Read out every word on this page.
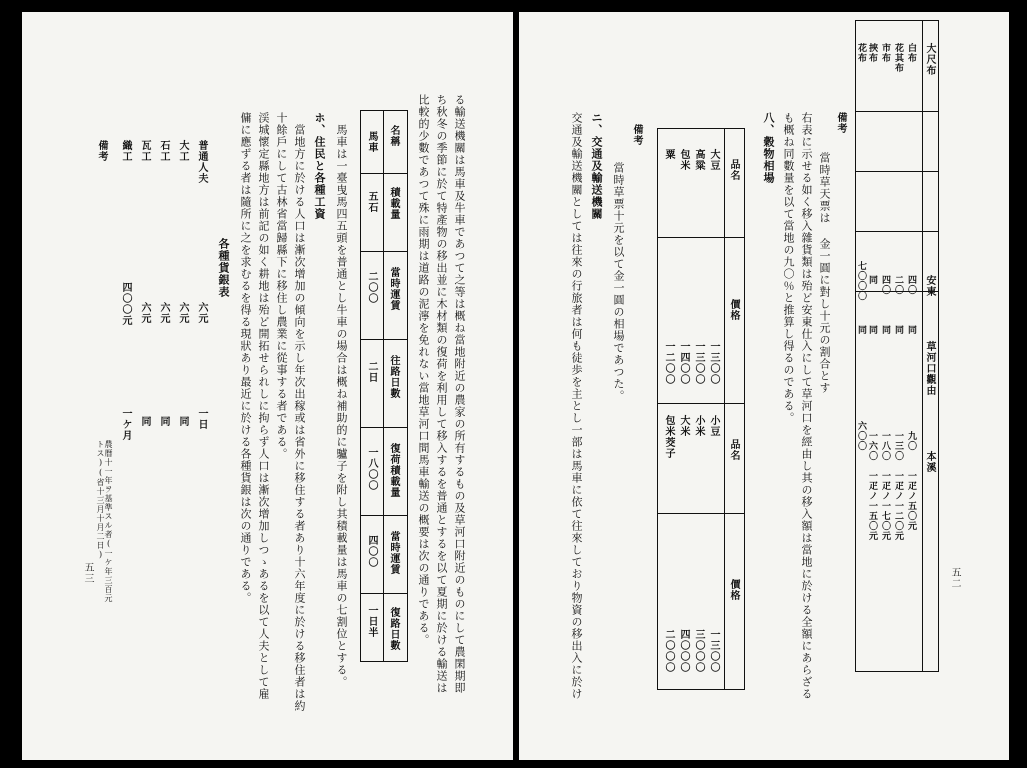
る輸送機關は馬車及牛車であつて之等は概ね當地附近の農家の所有するもの及草河口附近のものにして農閑期即
ち秋冬の季節に於て特產物の移出並に木材類の復荷を利用して移入するを普通とするを以て夏期に於ける輸送は
比較的少數であつて殊に雨期は道路の泥濘を免れない當地草河口間馬車輸送の概要は次の通りである。
名稱
積載量
當時運賃
往路日數
復荷積載量
當時運賃
復路日數
馬車
五石
二〇〇
二日
一八〇〇
四〇〇
一日半
馬車は一臺曳馬四五頭を普通とし牛車の場合は概ね補助的に驢子を附し其積載量は馬車の七割位とする。
ホ、住民と各種工資
當地方に於ける人口は漸次增加の傾向を示し年次出稼或は省外に移住する者あり十六年度に於ける移住者は約
十餘戶にして古林省當歸縣下に移住し農業に從事する者である。
渓城懷定縣地方は前記の如く耕地は殆ど開拓せられしに拘らず人口は漸次增加しつゝあるを以て人夫として雇
傭に應ずる者は隨所に之を求むるを得る現狀あり最近に於ける各種貨銀は次の通りである。
各種貨銀表
普通人夫
六元
一日
大工
六元
同
石工
六元
同
瓦工
六元
同
織工
四〇〇元
一ケ月
備考
農曆十一年ヲ基準スル者(一ケ年三百元トス)(省十三月十月二日)
五三
大尺布
安東
草河口觀由
本溪
白布
四〇
同
九〇
一疋ノ五〇元
花其布
二〇
同
一三〇
一疋ノ一二〇元
市布
四〇
同
一八〇
一疋ノ一七〇元
挾布
同
同
一六〇
一疋ノ一五〇元
花布
七〇〇〇
同
六〇〇
五二
備考
當時草天票は 金一圓に對し十元の割合とす
右表に示せる如く移入雜貨類は殆ど安東仕入にして草河口を經由し其の移入額は當地に於ける全額にあらざる
も概ね同數量を以て當地の九〇％と推算し得るのである。
八、穀物相場
品名
價格
品名
價格
大豆
一三〇〇
小豆
一三〇〇
高粱
一三〇〇
小米
三〇〇〇
包米
一四〇〇
大米
四〇〇〇
粟
一二〇〇
包米茭子
二〇〇〇
備考
當時草票十元を以て金一圓の相場であつた。
ニ、交通及輸送機關
交通及輸送機關としては往來の行旅者は何も徒歩を主とし一部は馬車に依て往來しており物資の移出入に於け
